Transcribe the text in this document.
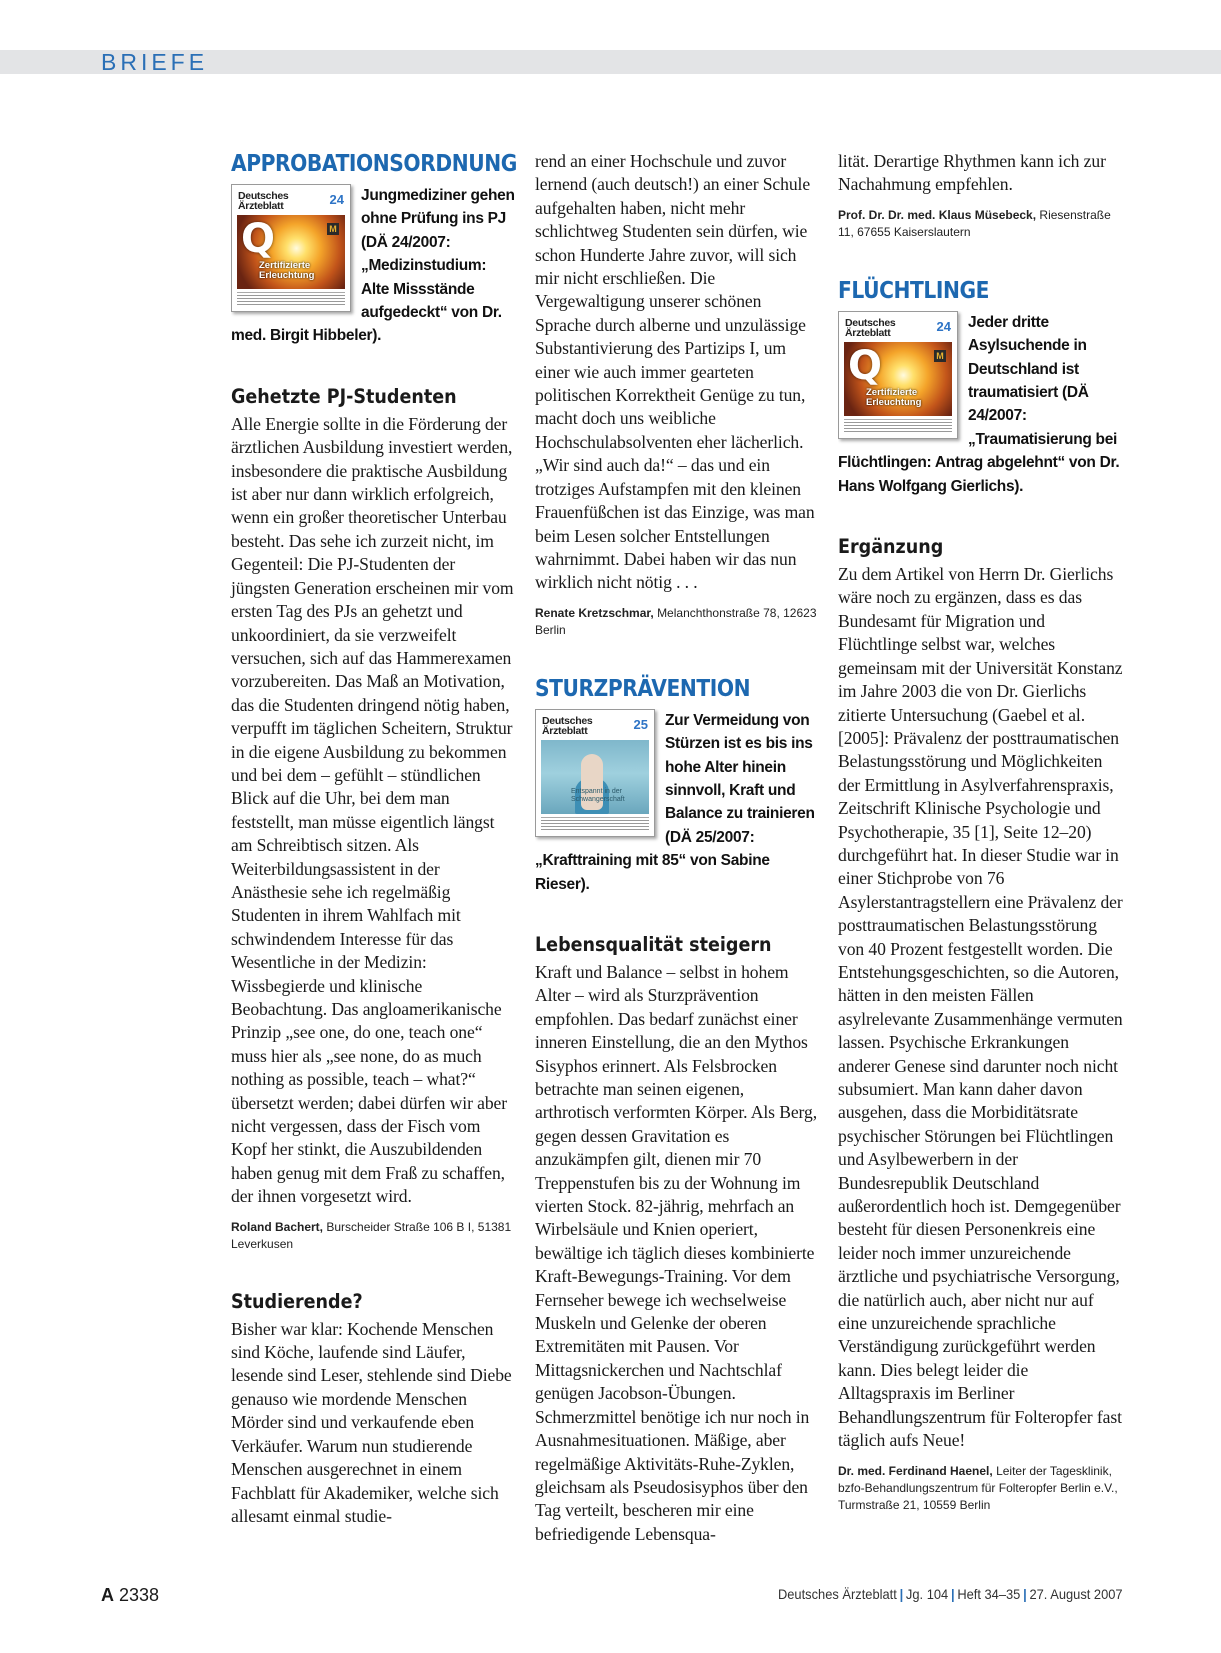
BRIEFE
APPROBATIONSORDNUNG
Deutsches
Ärzteblatt	24
Q	M
Zertifizierte
Erleuchtung
Jungmediziner gehen ohne Prüfung ins PJ (DÄ 24/2007: „Medizinstudium: Alte Missstände aufgedeckt“ von Dr. med. Birgit Hibbeler).
Gehetzte PJ-Studenten

Alle Energie sollte in die Förderung der ärztlichen Ausbildung investiert werden, insbesondere die praktische Ausbildung ist aber nur dann wirklich erfolgreich, wenn ein großer theoretischer Unterbau besteht. Das sehe ich zurzeit nicht, im Gegenteil: Die PJ-Studenten der jüngsten Generation erscheinen mir vom ersten Tag des PJs an gehetzt und unkoordiniert, da sie verzweifelt versuchen, sich auf das Hammerexamen vorzubereiten. Das Maß an Motivation, das die Studenten dringend nötig haben, verpufft im täglichen Scheitern, Struktur in die eigene Ausbildung zu bekommen und bei dem – gefühlt – stündlichen Blick auf die Uhr, bei dem man feststellt, man müsse eigentlich längst am Schreibtisch sitzen. Als Weiterbildungsassistent in der Anästhesie sehe ich regelmäßig Studenten in ihrem Wahlfach mit schwindendem Interesse für das Wesentliche in der Medizin: Wissbegierde und klinische Beobachtung. Das angloamerikanische Prinzip „see one, do one, teach one“ muss hier als „see none, do as much nothing as possible, teach – what?“ übersetzt werden; dabei dürfen wir aber nicht vergessen, dass der Fisch vom Kopf her stinkt, die Auszubildenden haben genug mit dem Fraß zu schaffen, der ihnen vorgesetzt wird.

Roland Bachert, Burscheider Straße 106 B I, 51381 Leverkusen
Studierende?

Bisher war klar: Kochende Menschen sind Köche, laufende sind Läufer, lesende sind Leser, stehlende sind Diebe genauso wie mordende Menschen Mörder sind und verkaufende eben Verkäufer. Warum nun studierende Menschen ausgerechnet in einem Fachblatt für Akademiker, welche sich allesamt einmal studie-

rend an einer Hochschule und zuvor lernend (auch deutsch!) an einer Schule aufgehalten haben, nicht mehr schlichtweg Studenten sein dürfen, wie schon Hunderte Jahre zuvor, will sich mir nicht erschließen. Die Vergewaltigung unserer schönen Sprache durch alberne und unzulässige Substantivierung des Partizips I, um einer wie auch immer gearteten politischen Korrektheit Genüge zu tun, macht doch uns weibliche Hochschulabsolventen eher lächerlich. „Wir sind auch da!“ – das und ein trotziges Aufstampfen mit den kleinen Frauenfüßchen ist das Einzige, was man beim Lesen solcher Entstellungen wahrnimmt. Dabei haben wir das nun wirklich nicht nötig . . .

Renate Kretzschmar, Melanchthonstraße 78, 12623 Berlin
STURZPRÄVENTION
Deutsches
Ärzteblatt	25
Entspannt in der
Schwangerschaft
Zur Vermeidung von Stürzen ist es bis ins hohe Alter hinein sinnvoll, Kraft und Balance zu trainieren (DÄ 25/2007: „Krafttraining mit 85“ von Sabine Rieser).
Lebensqualität steigern

Kraft und Balance – selbst in hohem Alter – wird als Sturzprävention empfohlen. Das bedarf zunächst einer inneren Einstellung, die an den Mythos Sisyphos erinnert. Als Felsbrocken betrachte man seinen eigenen, arthrotisch verformten Körper. Als Berg, gegen dessen Gravitation es anzukämpfen gilt, dienen mir 70 Treppenstufen bis zu der Wohnung im vierten Stock. 82-jährig, mehrfach an Wirbelsäule und Knien operiert, bewältige ich täglich dieses kombinierte Kraft-Bewegungs-Training. Vor dem Fernseher bewege ich wechselweise Muskeln und Gelenke der oberen Extremitäten mit Pausen. Vor Mittagsnickerchen und Nachtschlaf genügen Jacobson-Übungen. Schmerzmittel benötige ich nur noch in Ausnahmesituationen. Mäßige, aber regelmäßige Aktivitäts-Ruhe-Zyklen, gleichsam als Pseudosisyphos über den Tag verteilt, bescheren mir eine befriedigende Lebensqua-

lität. Derartige Rhythmen kann ich zur Nachahmung empfehlen.

Prof. Dr. Dr. med. Klaus Müsebeck, Riesenstraße 11, 67655 Kaiserslautern
FLÜCHTLINGE
Deutsches
Ärzteblatt	24
Q	M
Zertifizierte
Erleuchtung
Jeder dritte Asylsuchende in Deutschland ist traumatisiert (DÄ 24/2007: „Traumatisierung bei Flüchtlingen: Antrag abgelehnt“ von Dr. Hans Wolfgang Gierlichs).
Ergänzung

Zu dem Artikel von Herrn Dr. Gierlichs wäre noch zu ergänzen, dass es das Bundesamt für Migration und Flüchtlinge selbst war, welches gemeinsam mit der Universität Konstanz im Jahre 2003 die von Dr. Gierlichs zitierte Untersuchung (Gaebel et al. [2005]: Prävalenz der posttraumatischen Belastungsstörung und Möglichkeiten der Ermittlung in Asylverfahrenspraxis, Zeitschrift Klinische Psychologie und Psychotherapie, 35 [1], Seite 12–20) durchgeführt hat. In dieser Studie war in einer Stichprobe von 76 Asylerstantragstellern eine Prävalenz der posttraumatischen Belastungsstörung von 40 Prozent festgestellt worden. Die Entstehungsgeschichten, so die Autoren, hätten in den meisten Fällen asylrelevante Zusammenhänge vermuten lassen. Psychische Erkrankungen anderer Genese sind darunter noch nicht subsumiert. Man kann daher davon ausgehen, dass die Morbiditätsrate psychischer Störungen bei Flüchtlingen und Asylbewerbern in der Bundesrepublik Deutschland außerordentlich hoch ist. Demgegenüber besteht für diesen Personenkreis eine leider noch immer unzureichende ärztliche und psychiatrische Versorgung, die natürlich auch, aber nicht nur auf eine unzureichende sprachliche Verständigung zurückgeführt werden kann. Dies belegt leider die Alltagspraxis im Berliner Behandlungszentrum für Folteropfer fast täglich aufs Neue!

Dr. med. Ferdinand Haenel, Leiter der Tagesklinik, bzfo-Behandlungszentrum für Folteropfer Berlin e.V., Turmstraße 21, 10559 Berlin
A 2338	Deutsches Ärzteblatt | Jg. 104 | Heft 34–35 | 27. August 2007
